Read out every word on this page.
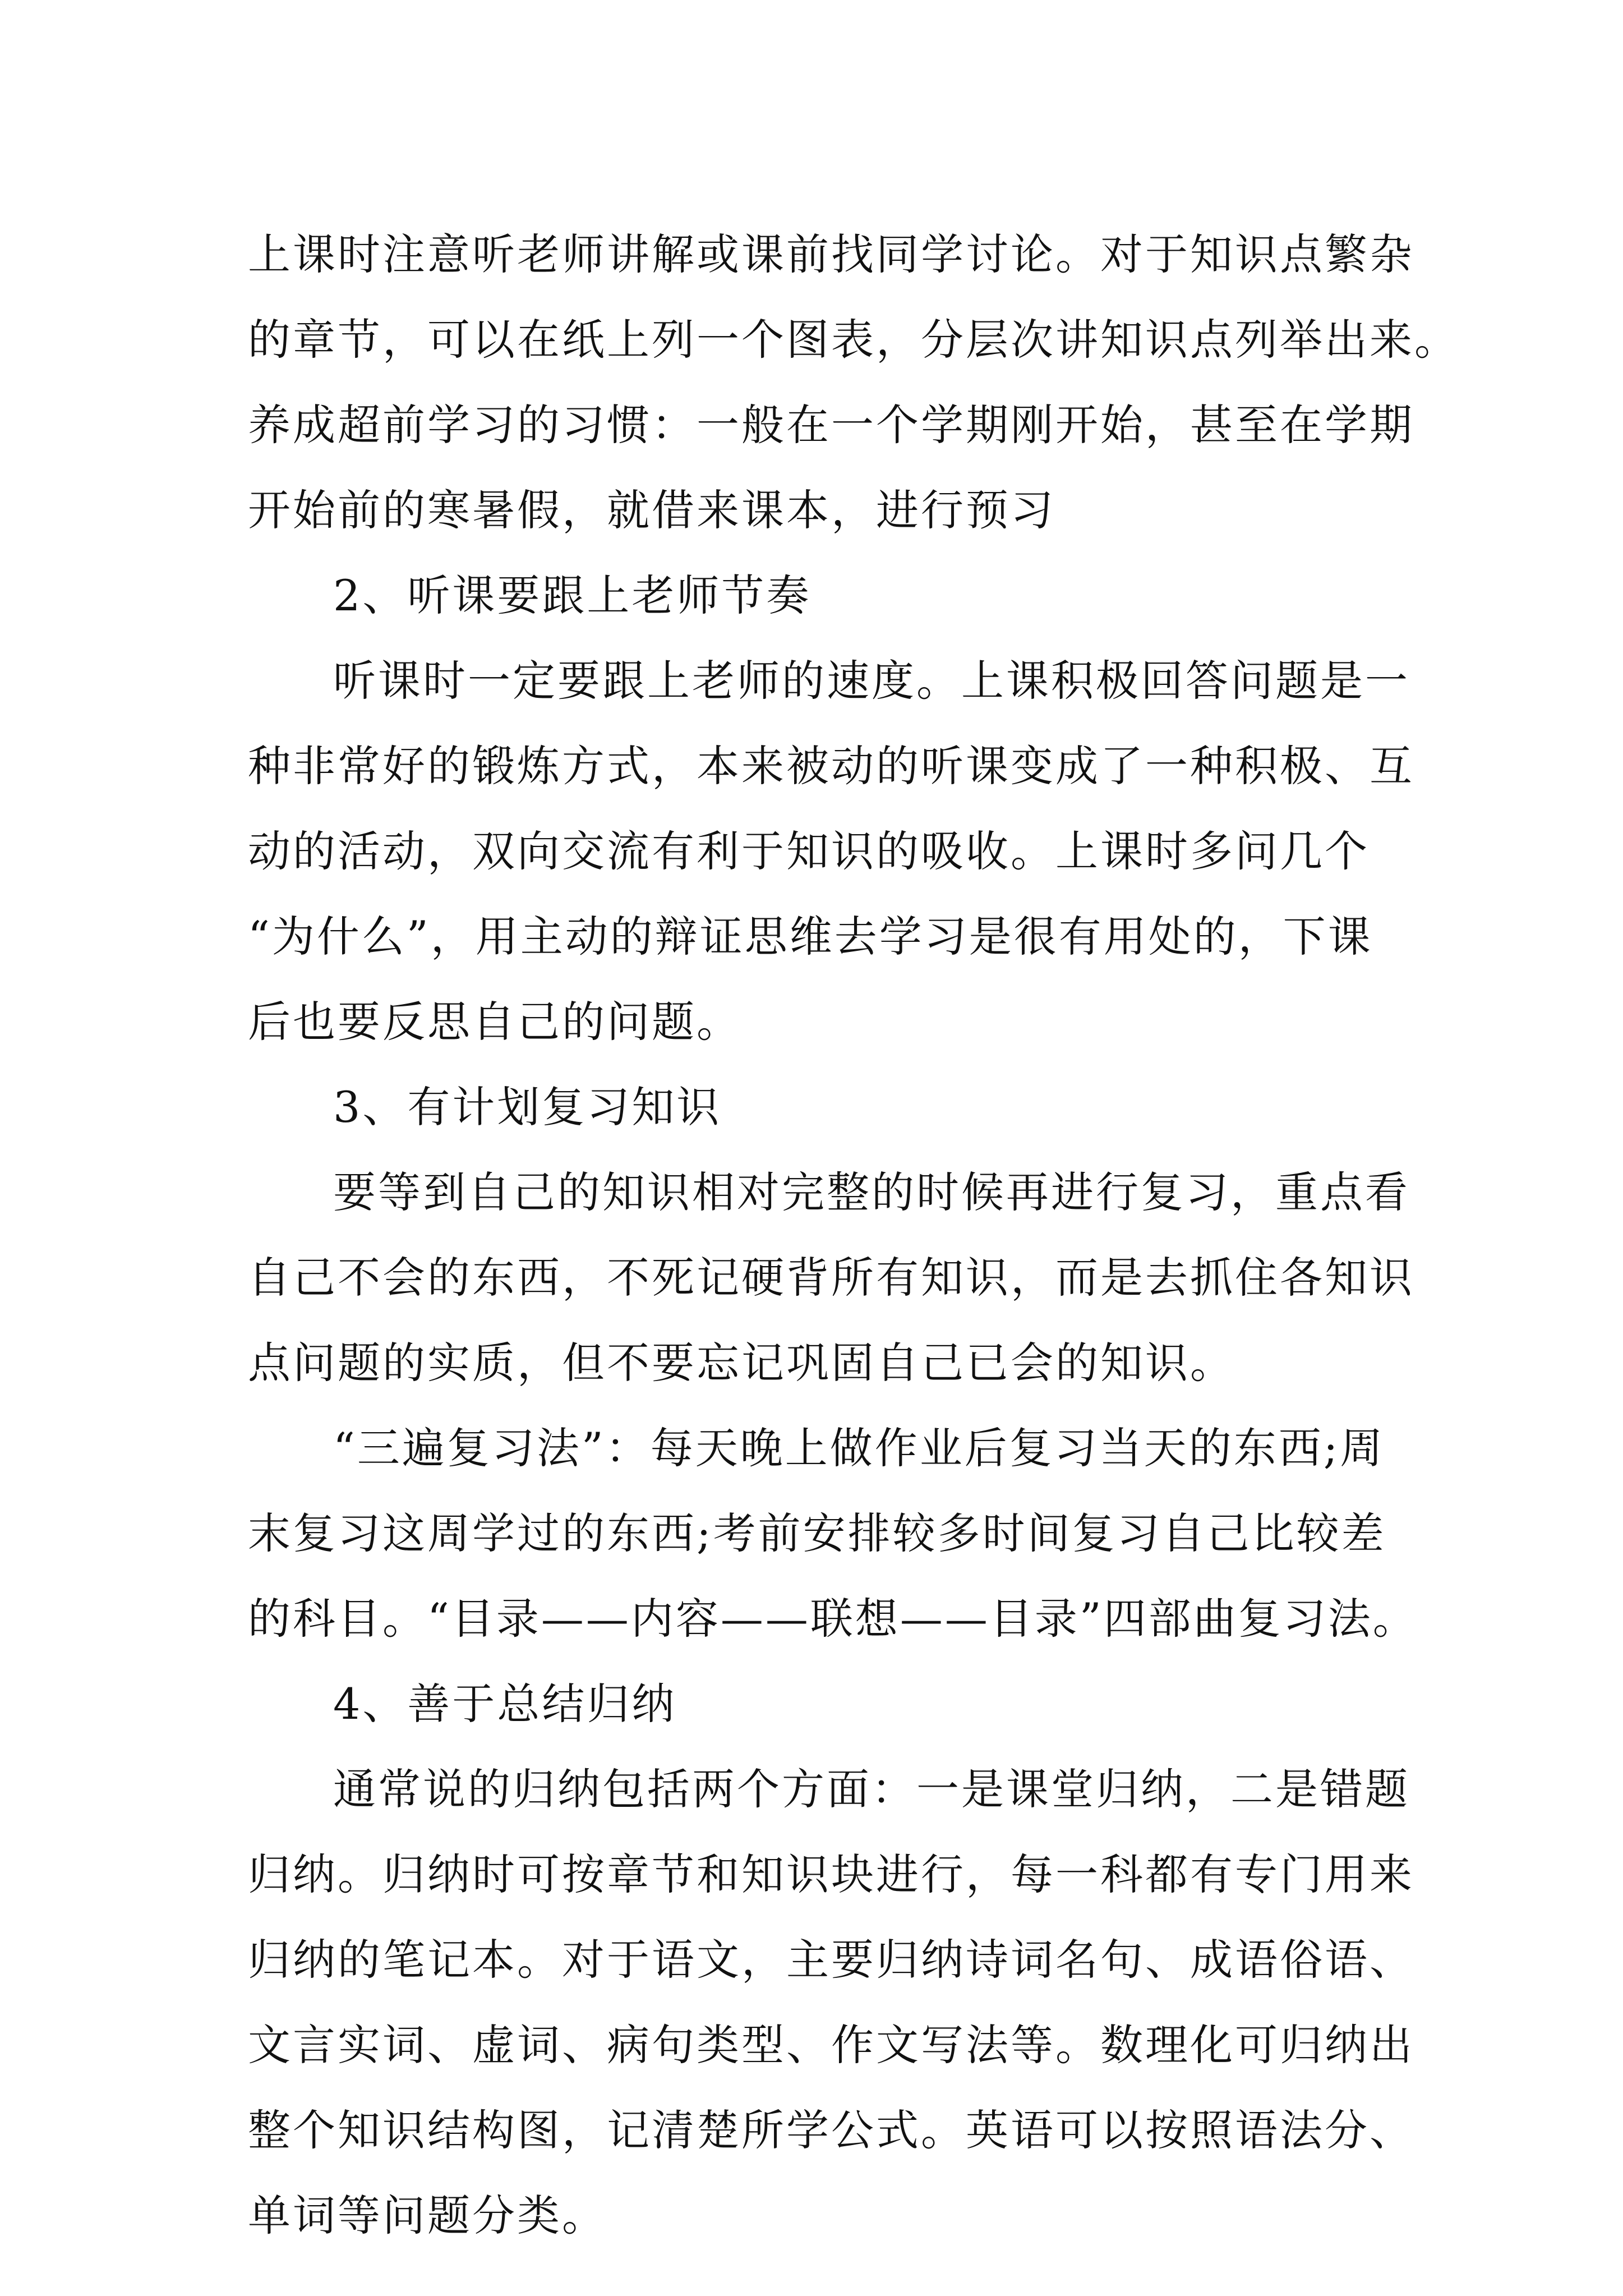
上课时注意听老师讲解或课前找同学讨论。对于知识点繁杂
的章节，可以在纸上列一个图表，分层次讲知识点列举出来。
养成超前学习的习惯：一般在一个学期刚开始，甚至在学期
开始前的寒暑假，就借来课本，进行预习
2、听课要跟上老师节奏
听课时一定要跟上老师的速度。上课积极回答问题是一
种非常好的锻炼方式，本来被动的听课变成了一种积极、互
动的活动，双向交流有利于知识的吸收。上课时多问几个
“为什么”，用主动的辩证思维去学习是很有用处的，下课
后也要反思自己的问题。
3、有计划复习知识
要等到自己的知识相对完整的时候再进行复习，重点看
自己不会的东西，不死记硬背所有知识，而是去抓住各知识
点问题的实质，但不要忘记巩固自己已会的知识。
“三遍复习法”：每天晚上做作业后复习当天的东西;周
末复习这周学过的东西;考前安排较多时间复习自己比较差
的科目。“目录——内容——联想——目录”四部曲复习法。
4、善于总结归纳
通常说的归纳包括两个方面：一是课堂归纳，二是错题
归纳。归纳时可按章节和知识块进行，每一科都有专门用来
归纳的笔记本。对于语文，主要归纳诗词名句、成语俗语、
文言实词、虚词、病句类型、作文写法等。数理化可归纳出
整个知识结构图，记清楚所学公式。英语可以按照语法分、
单词等问题分类。
